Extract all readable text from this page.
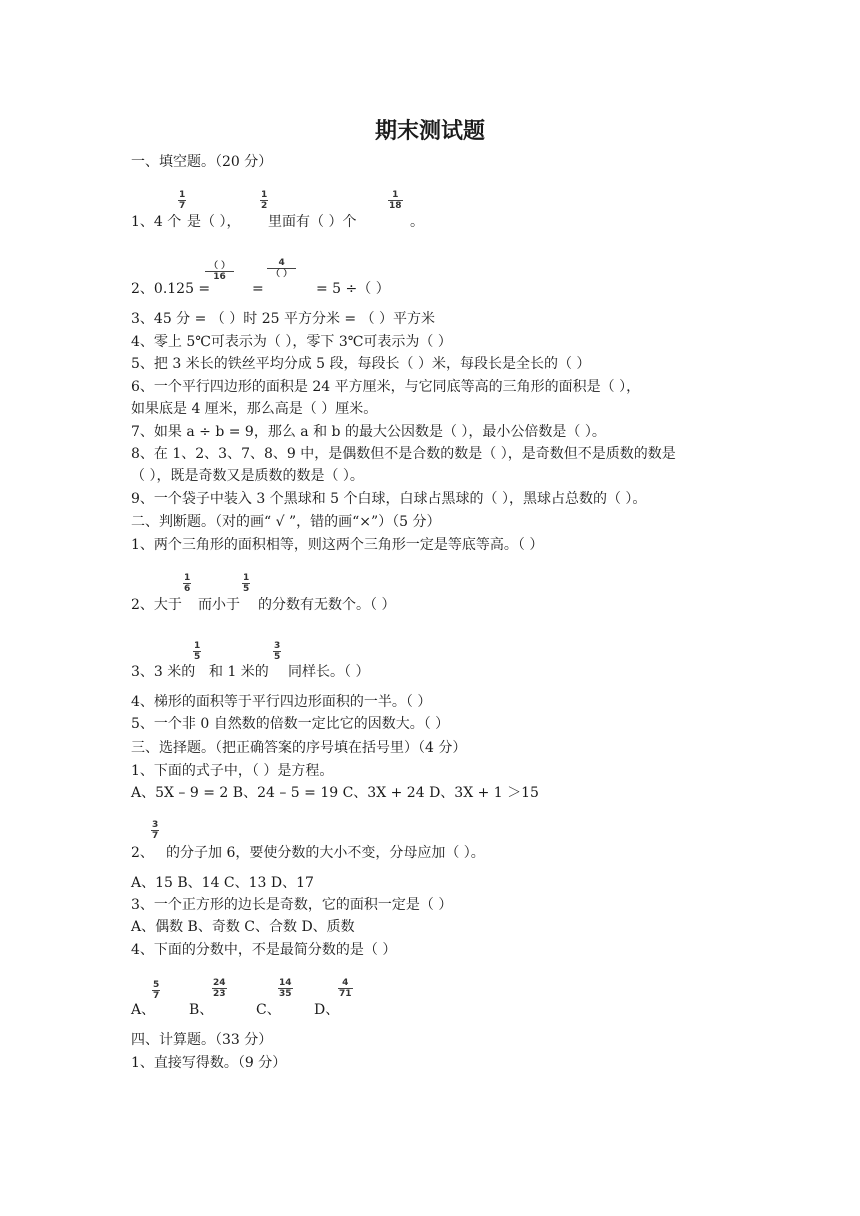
期末测试题
一、填空题。（20 分）
1、4 个
$\frac{1}{7}$
是（ ），
$\frac{1}{2}$
里面有（ ）个
$\frac{1}{18}$
。
2、0.125 =
（ ）
16
=
4
（ ）
= 5 ÷（ ）
3、45 分 = （ ）时 25 平方分米 = （ ）平方米
4、零上 5℃可表示为（ ），零下 3℃可表示为（ ）
5、把 3 米长的铁丝平均分成 5 段，每段长（ ）米，每段长是全长的（ ）
6、一个平行四边形的面积是 24 平方厘米，与它同底等高的三角形的面积是（ ），
如果底是 4 厘米，那么高是（ ）厘米。
7、如果 a ÷ b = 9，那么 a 和 b 的最大公因数是（ ），最小公倍数是（ ）。
8、在 1、2、3、7、8、9 中，是偶数但不是合数的数是（ ），是奇数但不是质数的数是
（ ），既是奇数又是质数的数是（ ）。
9、一个袋子中装入 3 个黑球和 5 个白球，白球占黑球的（ ），黑球占总数的（ ）。
二、判断题。（对的画“ √ ”，错的画“×”）（5 分）
1、两个三角形的面积相等，则这两个三角形一定是等底等高。（ ）
2、大于
$\frac{1}{6}$
而小于
$\frac{1}{5}$
的分数有无数个。（ ）
3、3 米的
$\frac{1}{5}$
和 1 米的
$\frac{3}{5}$
同样长。（ ）
4、梯形的面积等于平行四边形面积的一半。（ ）
5、一个非 0 自然数的倍数一定比它的因数大。（ ）
三、选择题。（把正确答案的序号填在括号里）（4 分）
1、下面的式子中，（ ）是方程。
A、5X – 9 = 2 B、24 – 5 = 19 C、3X + 24 D、3X + 1 ＞15
2、
$\frac{3}{7}$
的分子加 6，要使分数的大小不变，分母应加（ ）。
A、15 B、14 C、13 D、17
3、一个正方形的边长是奇数，它的面积一定是（ ）
A、偶数 B、奇数 C、合数 D、质数
4、下面的分数中，不是最简分数的是（ ）
A、
$\frac{5}{7}$
B、
$\frac{24}{23}$
C、
$\frac{14}{35}$
D、
$\frac{4}{71}$
四、计算题。（33 分）
1、直接写得数。（9 分）
